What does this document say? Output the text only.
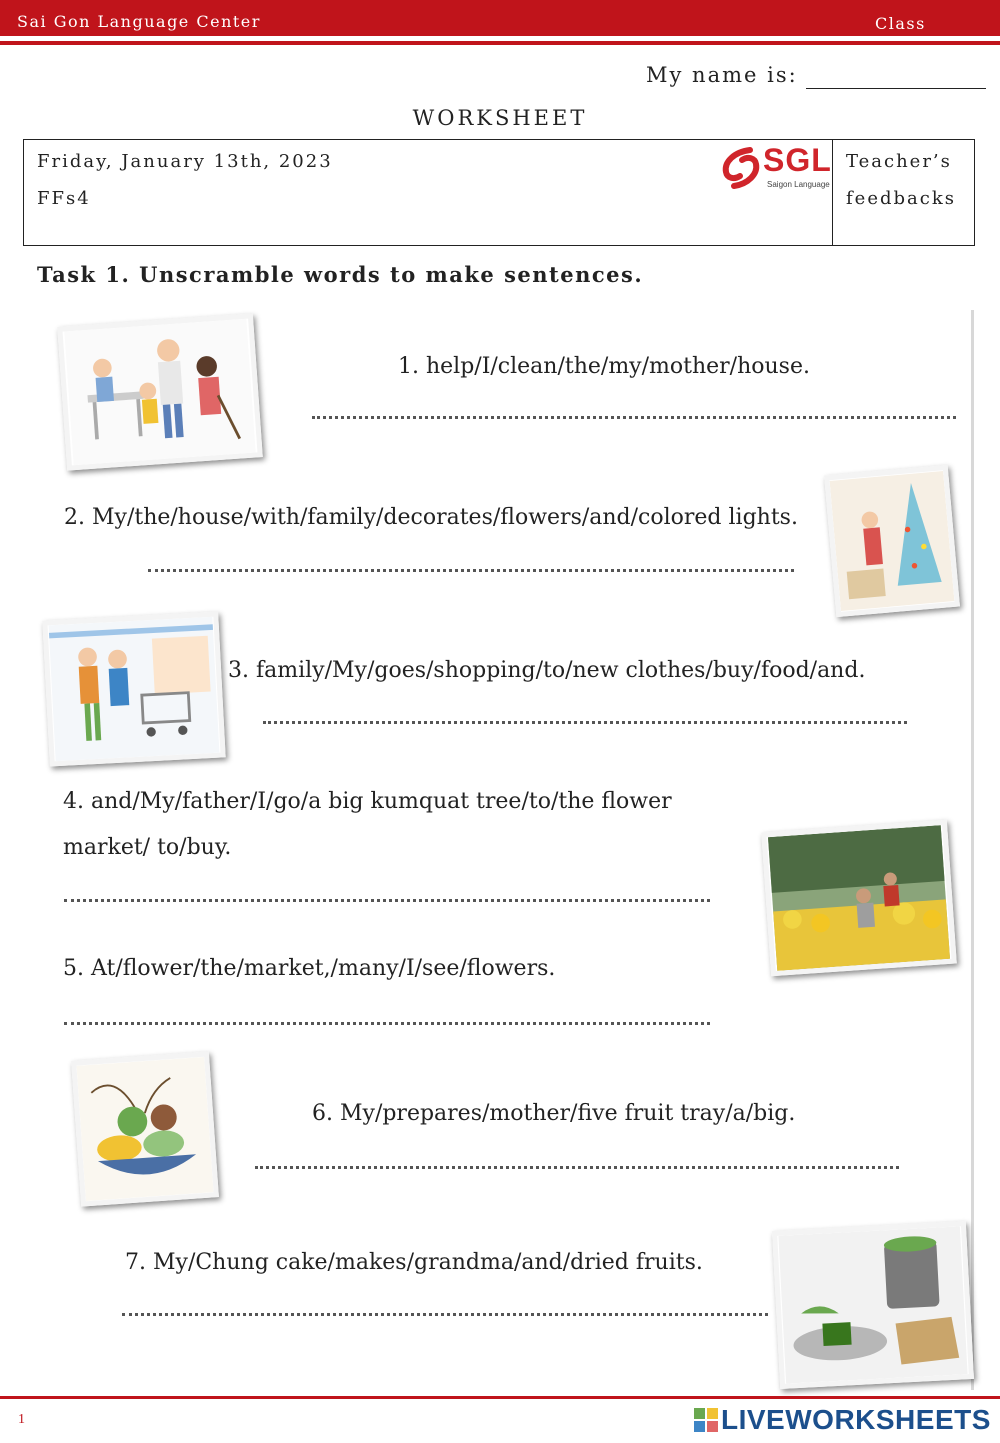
Sai Gon Language Center	Class
My name is:
WORKSHEET
Friday, January 13th, 2023
FFs4
Teacher’s
feedbacks
SGL
Saigon Language
Task 1. Unscramble words to make sentences.
1. help/I/clean/the/my/mother/house.
2. My/the/house/with/family/decorates/flowers/and/colored lights.
3. family/My/goes/shopping/to/new clothes/buy/food/and.
4. and/My/father/I/go/a big kumquat tree/to/the flower
market/ to/buy.
5. At/flower/the/market,/many/I/see/flowers.
6. My/prepares/mother/five fruit tray/a/big.
7. My/Chung cake/makes/grandma/and/dried fruits.
1	LIVEWORKSHEETS
